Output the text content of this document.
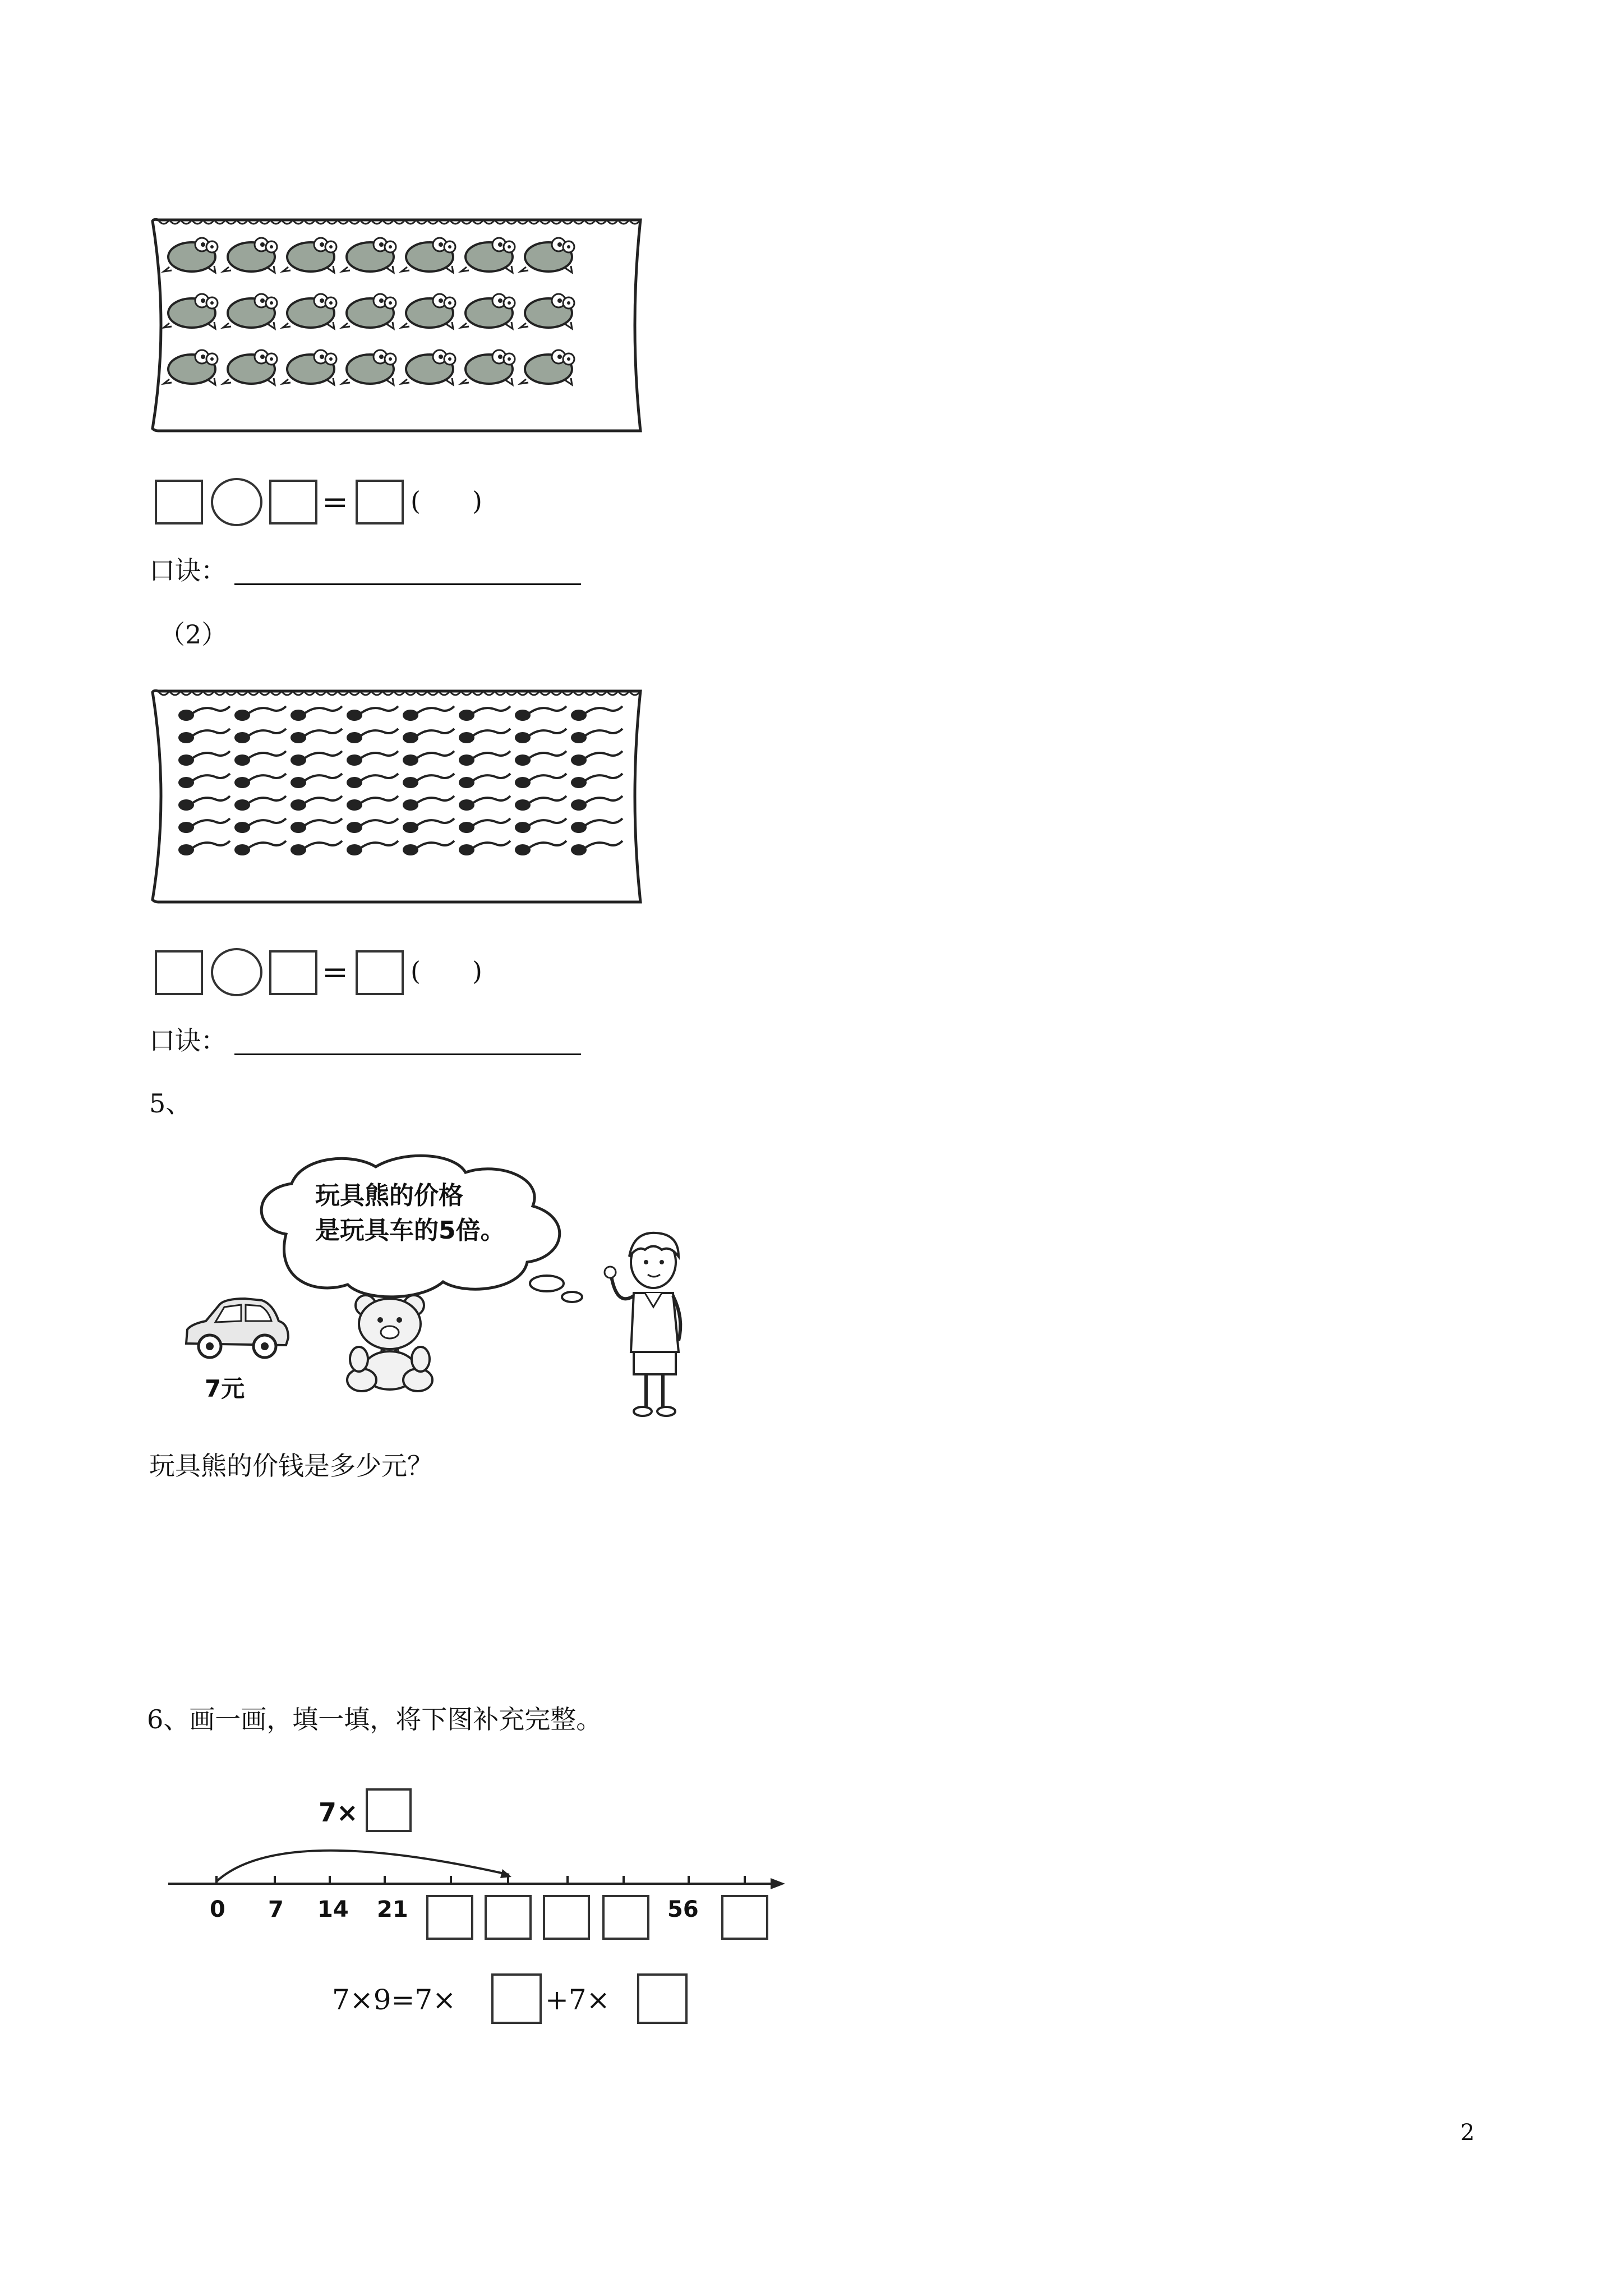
= (　　)
口诀：
（2）
= (　　)
口诀：
5、
玩具熊的价格
是玩具车的5倍。
7元
玩具熊的价钱是多少元？
6、画一画，填一填，将下图补充完整。
7×
0 7 14 21	56
7×9=7×	+7×
2
